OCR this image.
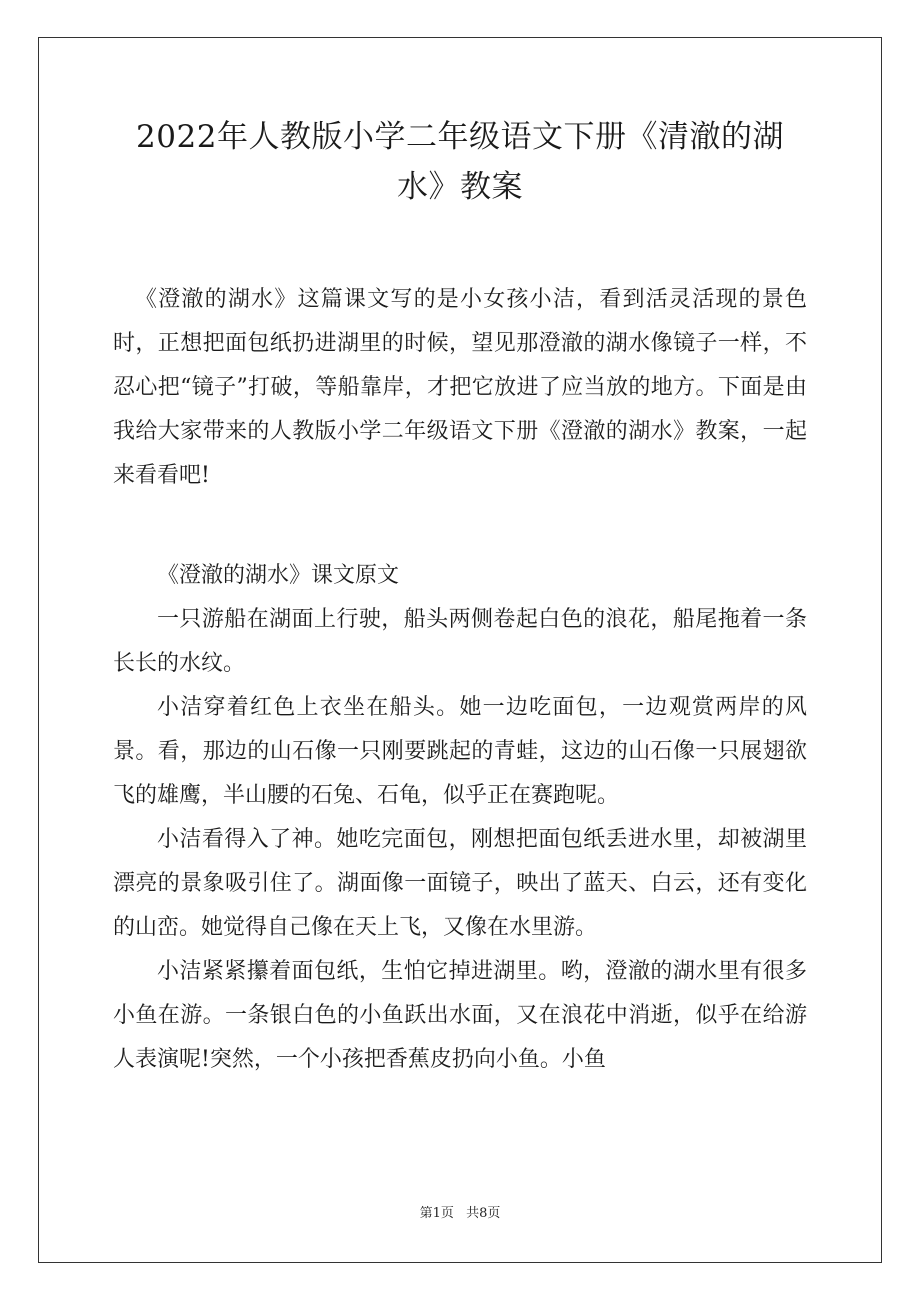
2022年人教版小学二年级语文下册《清澈的湖水》教案

《澄澈的湖水》这篇课文写的是小女孩小洁，看到活灵活现的景色时，正想把面包纸扔进湖里的时候，望见那澄澈的湖水像镜子一样，不忍心把“镜子”打破，等船靠岸，才把它放进了应当放的地方。下面是由我给大家带来的人教版小学二年级语文下册《澄澈的湖水》教案，一起来看看吧!

《澄澈的湖水》课文原文

一只游船在湖面上行驶，船头两侧卷起白色的浪花，船尾拖着一条长长的水纹。

小洁穿着红色上衣坐在船头。她一边吃面包，一边观赏两岸的风景。看，那边的山石像一只刚要跳起的青蛙，这边的山石像一只展翅欲飞的雄鹰，半山腰的石兔、石龟，似乎正在赛跑呢。

小洁看得入了神。她吃完面包，刚想把面包纸丢进水里，却被湖里漂亮的景象吸引住了。湖面像一面镜子，映出了蓝天、白云，还有变化的山峦。她觉得自己像在天上飞，又像在水里游。

小洁紧紧攥着面包纸，生怕它掉进湖里。哟，澄澈的湖水里有很多小鱼在游。一条银白色的小鱼跃出水面，又在浪花中消逝，似乎在给游人表演呢!突然，一个小孩把香蕉皮扔向小鱼。小鱼

第1页 共8页
